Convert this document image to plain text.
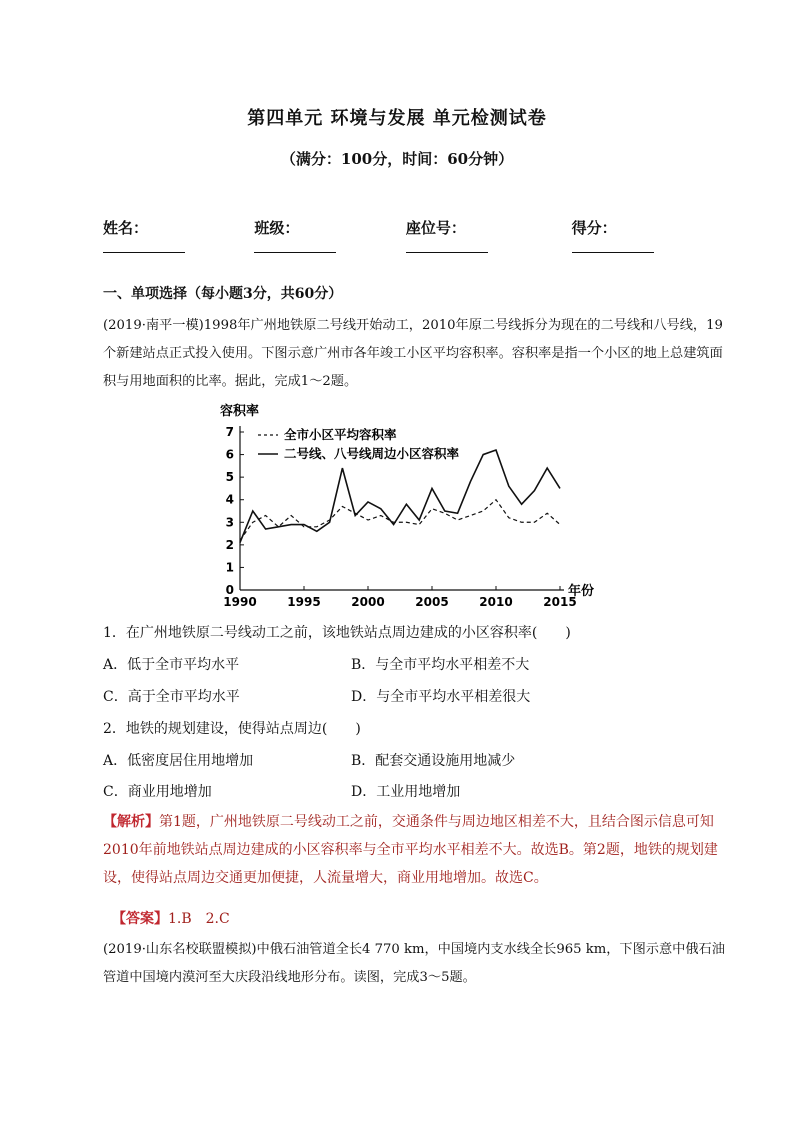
第四单元 环境与发展 单元检测试卷
（满分：100分，时间：60分钟）
姓名：	班级：	座位号：	得分：
一、单项选择（每小题3分，共60分）
(2019·南平一模)1998年广州地铁原二号线开始动工，2010年原二号线拆分为现在的二号线和八号线，19个新建站点正式投入使用。下图示意广州市各年竣工小区平均容积率。容积率是指一个小区的地上总建筑面积与用地面积的比率。据此，完成1～2题。
0
1
2
3
4
5
6
7
1990	1995	2000	2005	2010	2015
容积率
年份
全市小区平均容积率
二号线、八号线周边小区容积率
1．在广州地铁原二号线动工之前，该地铁站点周边建成的小区容积率(　　)
A．低于全市平均水平	B．与全市平均水平相差不大
C．高于全市平均水平	D．与全市平均水平相差很大
2．地铁的规划建设，使得站点周边(　　)
A．低密度居住用地增加	B．配套交通设施用地减少
C．商业用地增加	D．工业用地增加
【解析】第1题，广州地铁原二号线动工之前，交通条件与周边地区相差不大，且结合图示信息可知2010年前地铁站点周边建成的小区容积率与全市平均水平相差不大。故选B。第2题，地铁的规划建设，使得站点周边交通更加便捷，人流量增大，商业用地增加。故选C。
【答案】1.B　2.C
(2019·山东名校联盟模拟)中俄石油管道全长4 770 km，中国境内支水线全长965 km，下图示意中俄石油管道中国境内漠河至大庆段沿线地形分布。读图，完成3～5题。
